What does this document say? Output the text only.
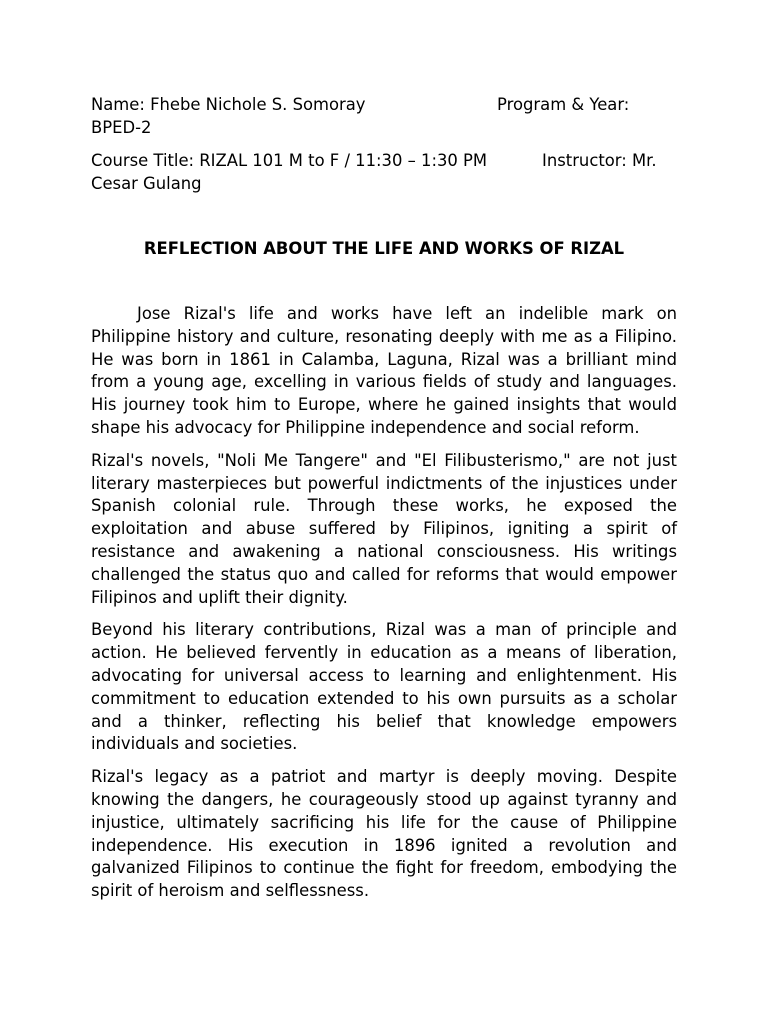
Name: Fhebe Nichole S. Somoray	Program & Year:
BPED-2
Course Title: RIZAL 101 M to F / 11:30 – 1:30 PM	Instructor: Mr.
Cesar Gulang
REFLECTION ABOUT THE LIFE AND WORKS OF RIZAL

Jose Rizal's life and works have left an indelible mark on Philippine history and culture, resonating deeply with me as a Filipino. He was born in 1861 in Calamba, Laguna, Rizal was a brilliant mind from a young age, excelling in various fields of study and languages. His journey took him to Europe, where he gained insights that would shape his advocacy for Philippine independence and social reform.

Rizal's novels, "Noli Me Tangere" and "El Filibusterismo," are not just literary masterpieces but powerful indictments of the injustices under Spanish colonial rule. Through these works, he exposed the exploitation and abuse suffered by Filipinos, igniting a spirit of resistance and awakening a national consciousness. His writings challenged the status quo and called for reforms that would empower Filipinos and uplift their dignity.

Beyond his literary contributions, Rizal was a man of principle and action. He believed fervently in education as a means of liberation, advocating for universal access to learning and enlightenment. His commitment to education extended to his own pursuits as a scholar and a thinker, reflecting his belief that knowledge empowers individuals and societies.

Rizal's legacy as a patriot and martyr is deeply moving. Despite knowing the dangers, he courageously stood up against tyranny and injustice, ultimately sacrificing his life for the cause of Philippine independence. His execution in 1896 ignited a revolution and galvanized Filipinos to continue the fight for freedom, embodying the spirit of heroism and selflessness.
